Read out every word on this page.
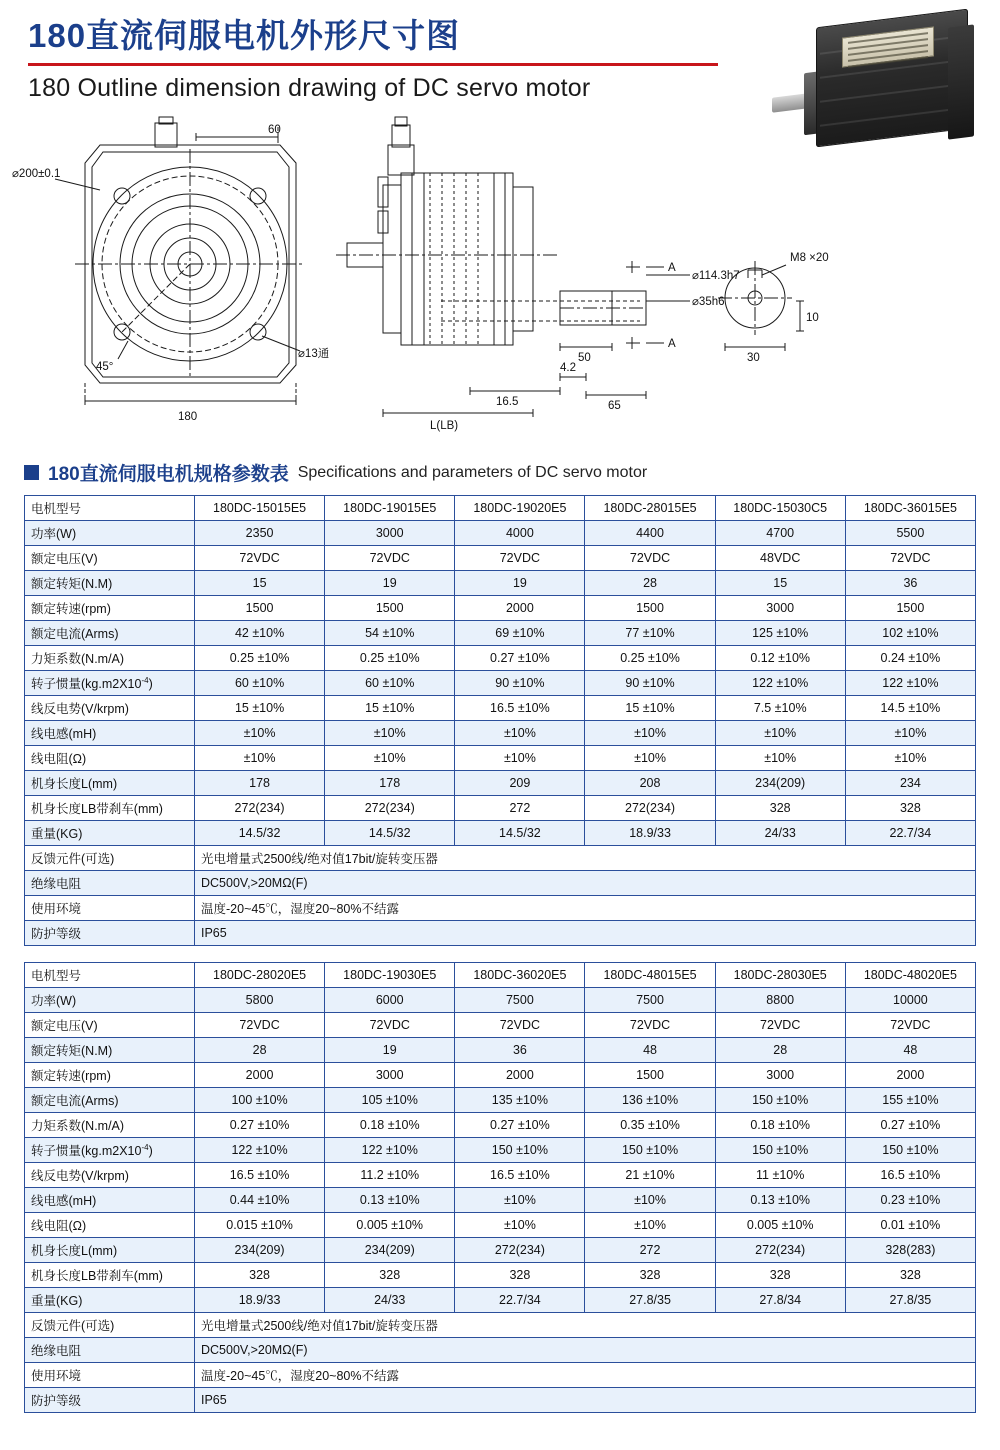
180直流伺服电机外形尺寸图
180 Outline dimension drawing of DC servo motor
60
⌀200±0.1
⌀13通
45°
180
A
A
⌀114.3h7
⌀35h6
M8 ×20
10
30
50
4.2
16.5	65
L(LB)
180直流伺服电机规格参数表 Specifications and parameters of DC servo motor
电机型号	180DC-15015E5	180DC-19015E5	180DC-19020E5	180DC-28015E5	180DC-15030C5	180DC-36015E5
功率(W)	2350	3000	4000	4400	4700	5500
额定电压(V)	72VDC	72VDC	72VDC	72VDC	48VDC	72VDC
额定转矩(N.M)	15	19	19	28	15	36
额定转速(rpm)	1500	1500	2000	1500	3000	1500
额定电流(Arms)	42 ±10%	54 ±10%	69 ±10%	77 ±10%	125 ±10%	102 ±10%
力矩系数(N.m/A)	0.25 ±10%	0.25 ±10%	0.27 ±10%	0.25 ±10%	0.12 ±10%	0.24 ±10%
转子惯量$(kg.m2X10^{-4})$	60 ±10%	60 ±10%	90 ±10%	90 ±10%	122 ±10%	122 ±10%
线反电势(V/krpm)	15 ±10%	15 ±10%	16.5 ±10%	15 ±10%	7.5 ±10%	14.5 ±10%
线电感(mH)	±10%	±10%	±10%	±10%	±10%	±10%
线电阻(Ω)	±10%	±10%	±10%	±10%	±10%	±10%
机身长度L(mm)	178	178	209	208	234(209)	234
机身长度LB带刹车(mm)	272(234)	272(234)	272	272(234)	328	328
重量(KG)	14.5/32	14.5/32	14.5/32	18.9/33	24/33	22.7/34
反馈元件(可选)	光电增量式2500线/绝对值17bit/旋转变压器					
绝缘电阻	DC500V,>20MΩ(F)					
使用环境	温度-20~45℃，湿度20~80%不结露					
防护等级	IP65					
电机型号	180DC-28020E5	180DC-19030E5	180DC-36020E5	180DC-48015E5	180DC-28030E5	180DC-48020E5
功率(W)	5800	6000	7500	7500	8800	10000
额定电压(V)	72VDC	72VDC	72VDC	72VDC	72VDC	72VDC
额定转矩(N.M)	28	19	36	48	28	48
额定转速(rpm)	2000	3000	2000	1500	3000	2000
额定电流(Arms)	100 ±10%	105 ±10%	135 ±10%	136 ±10%	150 ±10%	155 ±10%
力矩系数(N.m/A)	0.27 ±10%	0.18 ±10%	0.27 ±10%	0.35 ±10%	0.18 ±10%	0.27 ±10%
转子惯量$(kg.m2X10^{-4})$	122 ±10%	122 ±10%	150 ±10%	150 ±10%	150 ±10%	150 ±10%
线反电势(V/krpm)	16.5 ±10%	11.2 ±10%	16.5 ±10%	21 ±10%	11 ±10%	16.5 ±10%
线电感(mH)	0.44 ±10%	0.13 ±10%	±10%	±10%	0.13 ±10%	0.23 ±10%
线电阻(Ω)	0.015 ±10%	0.005 ±10%	±10%	±10%	0.005 ±10%	0.01 ±10%
机身长度L(mm)	234(209)	234(209)	272(234)	272	272(234)	328(283)
机身长度LB带刹车(mm)	328	328	328	328	328	328
重量(KG)	18.9/33	24/33	22.7/34	27.8/35	27.8/34	27.8/35
反馈元件(可选)	光电增量式2500线/绝对值17bit/旋转变压器					
绝缘电阻	DC500V,>20MΩ(F)					
使用环境	温度-20~45℃，湿度20~80%不结露					
防护等级	IP65					
